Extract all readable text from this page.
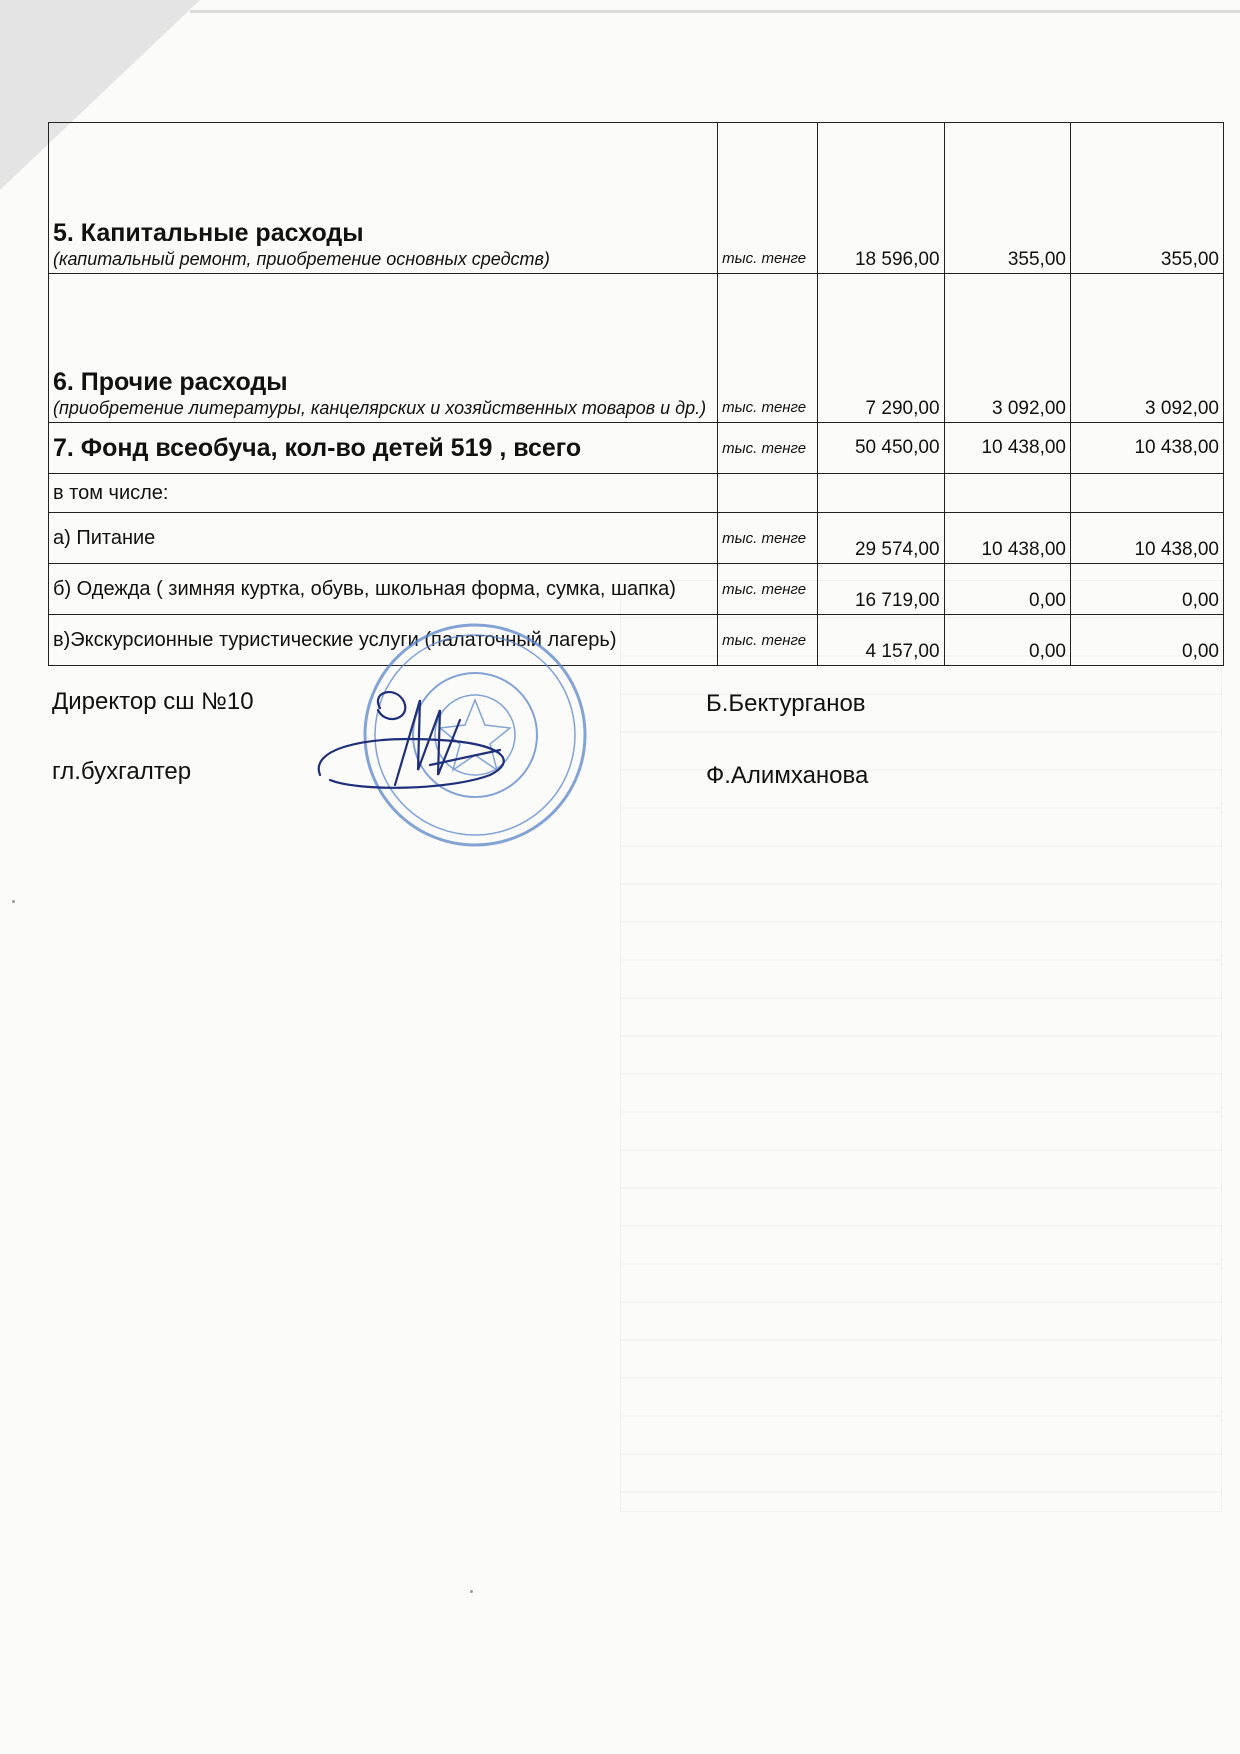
5. Капитальные расходы
(капитальный ремонт, приобретение основных средств)	тыс. тенге	18 596,00	355,00	355,00

6. Прочие расходы
(приобретение литературы, канцелярских и хозяйственных товаров и др.)	тыс. тенге	7 290,00	3 092,00	3 092,00

7. Фонд всеобуча, кол-во детей 519 , всего	тыс. тенге	50 450,00	10 438,00	10 438,00
в том числе:				
а) Питание	тыс. тенге	29 574,00	10 438,00	10 438,00
б) Одежда ( зимняя куртка, обувь, школьная форма, сумка, шапка)	тыс. тенге	16 719,00	0,00	0,00
в)Экскурсионные туристические услуги (палаточный лагерь)	тыс. тенге	4 157,00	0,00	0,00
Директор сш №10	Б.Бектурганов
гл.бухгалтер	Ф.Алимханова
